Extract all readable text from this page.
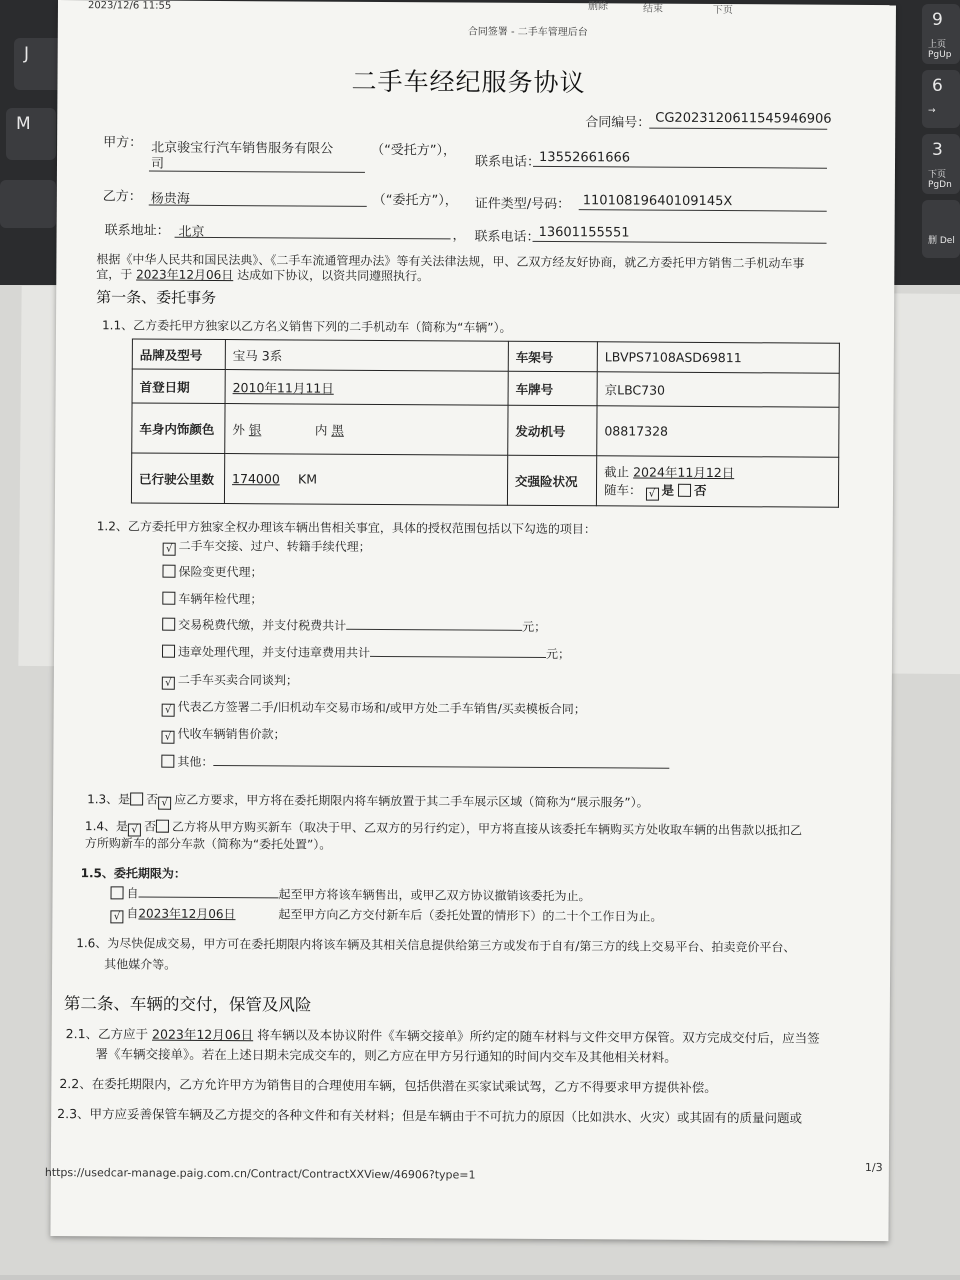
J
M
9
上页 PgUp
6
→
3
下页 PgDn
删 Del
2023/12/6 11:55	删除	结束	下页
合同签署 - 二手车管理后台
二手车经纪服务协议
合同编号： CG2023120611545946906
甲方： 北京骏宝行汽车销售服务有限公
司
（“受托方”），
联系电话：
13552661666
乙方： 杨贵海	（“委托方”）， 证件类型/号码： 11010819640109145X
联系地址： 北京	， 联系电话：
13601155551
根据《中华人民共和国民法典》、《二手车流通管理办法》等有关法律法规，甲、乙双方经友好协商，就乙方委托甲方销售二手机动车事
宜，于 2023年12月06日 达成如下协议，以资共同遵照执行。
第一条、委托事务
1.1、乙方委托甲方独家以乙方名义销售下列的二手机动车（简称为“车辆”）。
品牌及型号	宝马 3系	车架号	LBVPS7108ASD69811
首登日期	2010年11月11日	车牌号	京LBC730
车身内饰颜色	外 银 内 黑	发动机号	08817328
已行驶公里数	174000 KM	交强险状况	截止 2024年11月12日
随车： √ 是 否
1.2、乙方委托甲方独家全权办理该车辆出售相关事宜，具体的授权范围包括以下勾选的项目：
√ 二手车交接、过户、转籍手续代理；
保险变更代理；
车辆年检代理；
交易税费代缴，并支付税费共计	元；
违章处理代理，并支付违章费用共计	元；
√ 二手车买卖合同谈判；
√ 代表乙方签署二手/旧机动车交易市场和/或甲方处二手车销售/买卖模板合同；
√ 代收车辆销售价款；
其他：
1.3、是 否 √ 应乙方要求，甲方将在委托期限内将车辆放置于其二手车展示区域（简称为“展示服务”）。
1.4、是 √ 否 乙方将从甲方购买新车（取决于甲、乙双方的另行约定），甲方将直接从该委托车辆购买方处收取车辆的出售款以抵扣乙
方所购新车的部分车款（简称为“委托处置”）。
1.5、委托期限为：
自	起至甲方将该车辆售出，或甲乙双方协议撤销该委托为止。
√ 自2023年12月06日	起至甲方向乙方交付新车后（委托处置的情形下）的二十个工作日为止。
1.6、为尽快促成交易，甲方可在委托期限内将该车辆及其相关信息提供给第三方或发布于自有/第三方的线上交易平台、拍卖竞价平台、
其他媒介等。
第二条、车辆的交付，保管及风险
2.1、乙方应于 2023年12月06日 将车辆以及本协议附件《车辆交接单》所约定的随车材料与文件交甲方保管。双方完成交付后，应当签
署《车辆交接单》。若在上述日期未完成交车的，则乙方应在甲方另行通知的时间内交车及其他相关材料。
2.2、在委托期限内，乙方允许甲方为销售目的合理使用车辆，包括供潜在买家试乘试驾，乙方不得要求甲方提供补偿。
2.3、甲方应妥善保管车辆及乙方提交的各种文件和有关材料；但是车辆由于不可抗力的原因（比如洪水、火灾）或其固有的质量问题或
https://usedcar-manage.paig.com.cn/Contract/ContractXXView/46906?type=1	1/3
